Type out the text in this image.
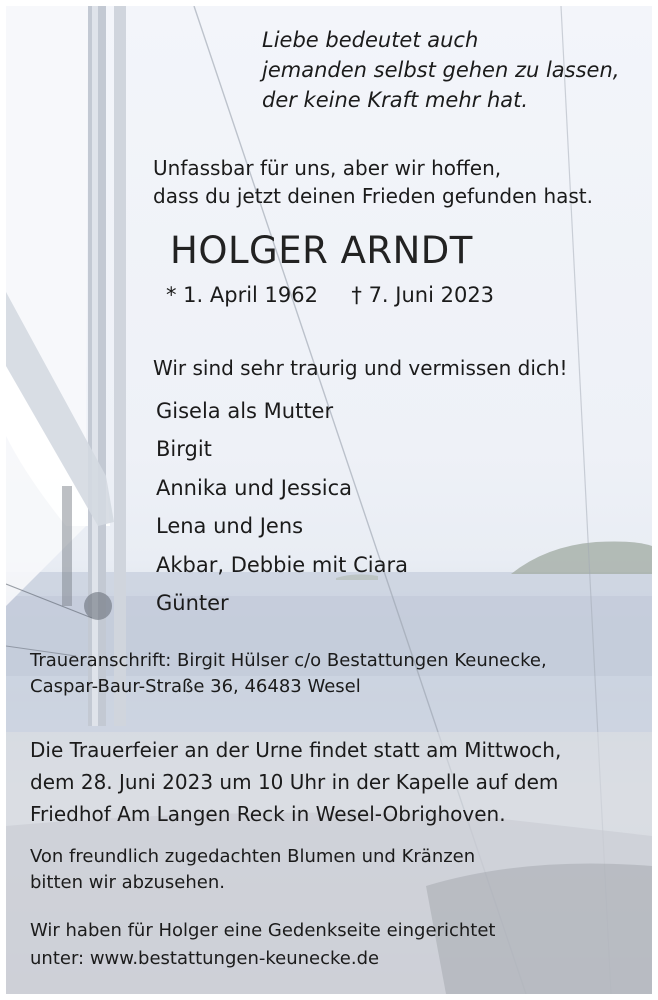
Liebe bedeutet auch
jemanden selbst gehen zu lassen,
der keine Kraft mehr hat.
Unfassbar für uns, aber wir hoffen,
dass du jetzt deinen Frieden gefunden hast.
HOLGER ARNDT
* 1. April 1962 † 7. Juni 2023
Wir sind sehr traurig und vermissen dich!
Gisela als Mutter
Birgit
Annika und Jessica
Lena und Jens
Akbar, Debbie mit Ciara
Günter
Traueranschrift: Birgit Hülser c/o Bestattungen Keunecke,
Caspar-Baur-Straße 36, 46483 Wesel
Die Trauerfeier an der Urne findet statt am Mittwoch,
dem 28. Juni 2023 um 10 Uhr in der Kapelle auf dem
Friedhof Am Langen Reck in Wesel-Obrighoven.
Von freundlich zugedachten Blumen und Kränzen
bitten wir abzusehen.
Wir haben für Holger eine Gedenkseite eingerichtet
unter: www.bestattungen-keunecke.de
